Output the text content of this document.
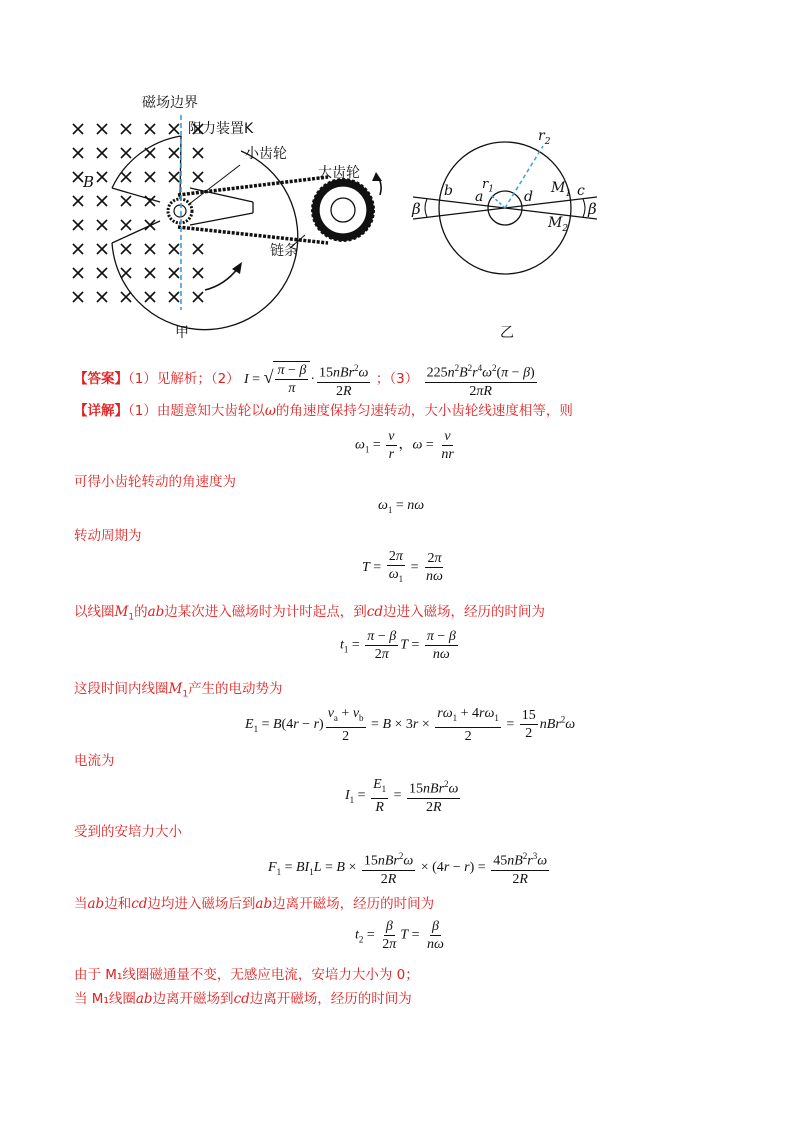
磁场边界
阻力装置K
小齿轮
大齿轮
链条
B
甲
$r_2$
$r_1$
a
b	d	c
$M_1$
$M_2$
β	β
乙
【答案】（1）见解析；（2） I = √ $\frac{\pi - \beta}{\pi} \cdot \frac{15nBr^2\omega}{2R}$ ；$(3) \frac{225n^2B^2r^4\omega^2(\pi - \beta)}{2\pi R}$
【详解】（1）由题意知大齿轮以ω的角速度保持匀速转动，大小齿轮线速度相等，则
$\omega_1 = \frac{v}{r}$ ，$\omega = \frac{v}{nr}$
可得小齿轮转动的角速度为
$\omega_1 = n\omega$
转动周期为
$T = \frac{2\pi}{\omega_1} = \frac{2\pi}{n\omega}$
以线圈$M_1$的ab边某次进入磁场时为计时起点，到cd边进入磁场，经历的时间为
$t_1 = \frac{\pi - \beta}{2\pi}$ $T = \frac{\pi - \beta}{n\omega}$
这段时间内线圈$M_1$产生的电动势为
$E_1 = B(4r - r) \frac{v_a + v_b}{2} = B \times 3r \times \frac{r\omega_1 + 4r\omega_1}{2} = \frac{15}{2} nBr^2\omega$
电流为
$I_1 = \frac{E_1}{R} = \frac{15nBr^2\omega}{2R}$
受到的安培力大小
$F_1 = BI_1L = B \times \frac{15nBr^2\omega}{2R} \times (4r - r) = \frac{45nB^2r^3\omega}{2R}$
当ab边和cd边均进入磁场后到ab边离开磁场，经历的时间为
$t_2 = \frac{\beta}{2\pi}$ $T = \frac{\beta}{n\omega}$
由于 M₁线圈磁通量不变，无感应电流，安培力大小为 0；
当 M₁线圈ab边离开磁场到cd边离开磁场，经历的时间为
